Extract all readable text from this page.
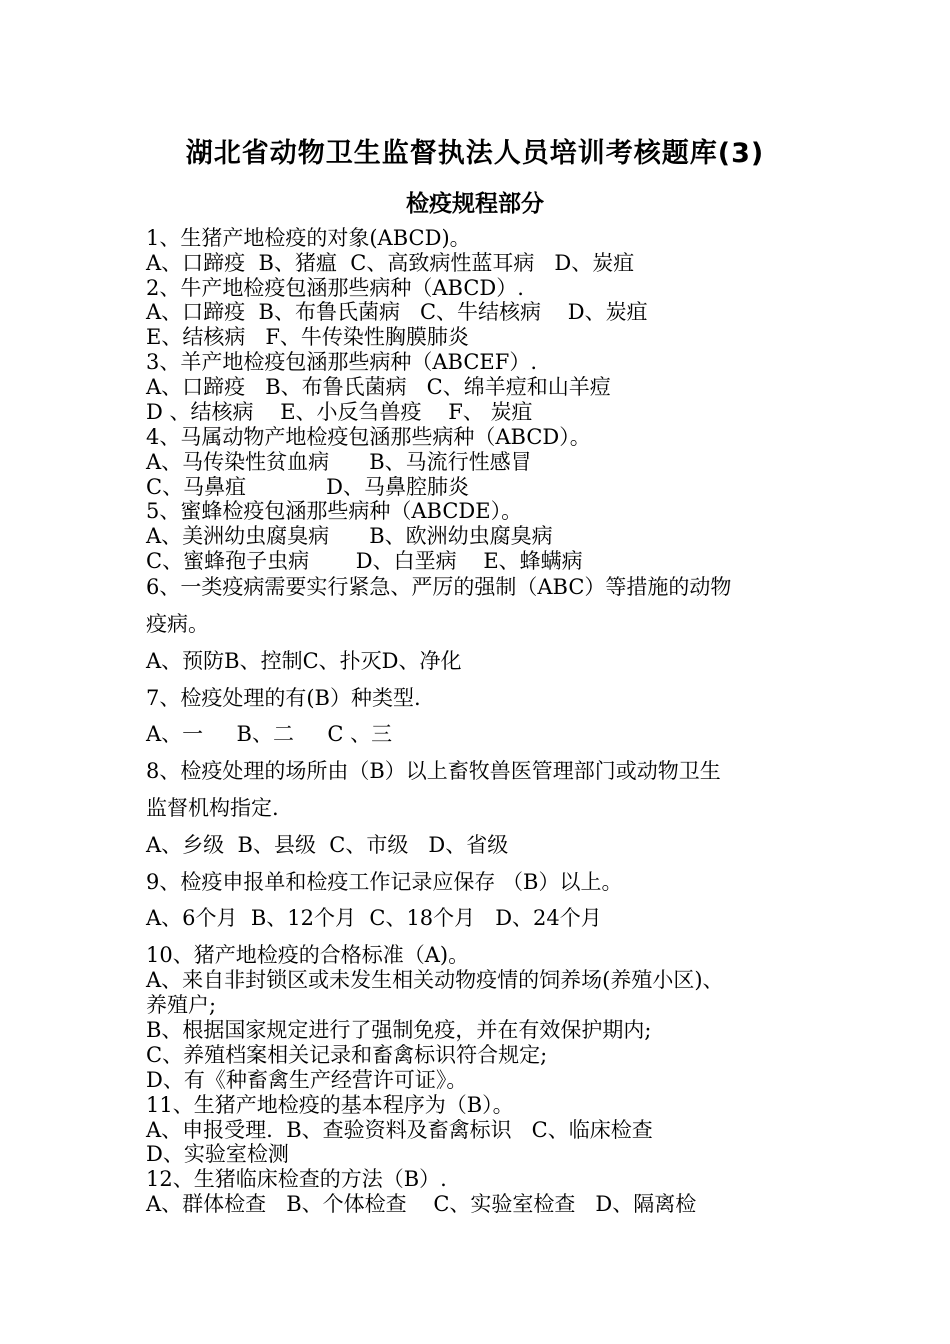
湖北省动物卫生监督执法人员培训考核题库(3)
检疫规程部分
1、生猪产地检疫的对象(ABCD)。
A、口蹄疫  B、猪瘟  C、高致病性蓝耳病   D、炭疽
2、牛产地检疫包涵那些病种（ABCD）.
A、口蹄疫  B、布鲁氏菌病   C、牛结核病    D、炭疽
E、结核病   F、牛传染性胸膜肺炎
3、羊产地检疫包涵那些病种（ABCEF）.
A、口蹄疫   B、布鲁氏菌病   C、绵羊痘和山羊痘
D 、结核病    E、小反刍兽疫    F、 炭疽
4、马属动物产地检疫包涵那些病种（ABCD）。
A、马传染性贫血病      B、马流行性感冒
C、马鼻疽            D、马鼻腔肺炎
5、蜜蜂检疫包涵那些病种（ABCDE）。
A、美洲幼虫腐臭病      B、欧洲幼虫腐臭病
C、蜜蜂孢子虫病       D、白垩病    E、蜂螨病
6、一类疫病需要实行紧急、严厉的强制（ABC）等措施的动物
疫病。
A、预防B、控制C、扑灭D、净化
7、检疫处理的有(B）种类型.
A、一     B、二     C 、三
8、检疫处理的场所由（B）以上畜牧兽医管理部门或动物卫生
监督机构指定.
A、乡级  B、县级  C、市级   D、省级
9、检疫申报单和检疫工作记录应保存 （B）以上。
A、6个月  B、12个月  C、18个月   D、24个月
10、猪产地检疫的合格标准（A)。
A、来自非封锁区或未发生相关动物疫情的饲养场(养殖小区)、
养殖户;
B、根据国家规定进行了强制免疫，并在有效保护期内;
C、养殖档案相关记录和畜禽标识符合规定;
D、有《种畜禽生产经营许可证》。
11、生猪产地检疫的基本程序为（B）。
A、申报受理.  B、查验资料及畜禽标识   C、临床检查
D、实验室检测
12、生猪临床检查的方法（B）.
A、群体检查   B、个体检查    C、实验室检查   D、隔离检
